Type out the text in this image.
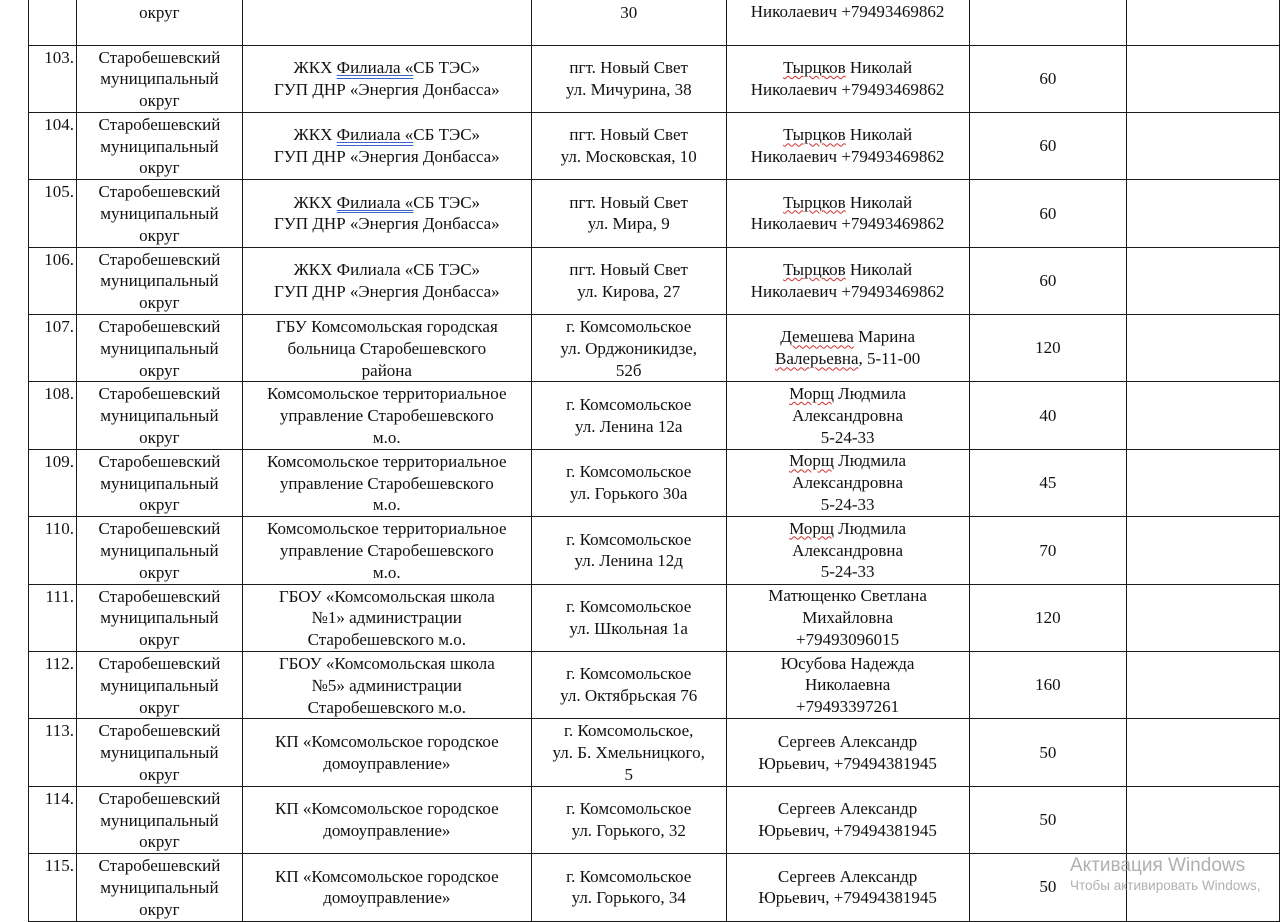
	округ		30	Николаевич +79493469862		

103.	Старобешевский
муниципальный
округ	ЖКХ Филиала «СБ ТЭС»
ГУП ДНР «Энергия Донбасса»	пгт. Новый Свет
ул. Мичурина, 38	Тырцков Николай
Николаевич +79493469862	60	
104.	Старобешевский
муниципальный
округ	ЖКХ Филиала «СБ ТЭС»
ГУП ДНР «Энергия Донбасса»	пгт. Новый Свет
ул. Московская, 10	Тырцков Николай
Николаевич +79493469862	60	
105.	Старобешевский
муниципальный
округ	ЖКХ Филиала «СБ ТЭС»
ГУП ДНР «Энергия Донбасса»	пгт. Новый Свет
ул. Мира, 9	Тырцков Николай
Николаевич +79493469862	60	
106.	Старобешевский
муниципальный
округ	ЖКХ Филиала «СБ ТЭС»
ГУП ДНР «Энергия Донбасса»	пгт. Новый Свет
ул. Кирова, 27	Тырцков Николай
Николаевич +79493469862	60	
107.	Старобешевский
муниципальный
округ	ГБУ Комсомольская городская
больница Старобешевского
района	г. Комсомольское
ул. Орджоникидзе,
52б	Демешева Марина
Валерьевна, 5-11-00	120	
108.	Старобешевский
муниципальный
округ	Комсомольское территориальное
управление Старобешевского
м.о.	г. Комсомольское
ул. Ленина 12а	Морщ Людмила
Александровна
5-24-33	40	
109.	Старобешевский
муниципальный
округ	Комсомольское территориальное
управление Старобешевского
м.о.	г. Комсомольское
ул. Горького 30а	Морщ Людмила
Александровна
5-24-33	45	
110.	Старобешевский
муниципальный
округ	Комсомольское территориальное
управление Старобешевского
м.о.	г. Комсомольское
ул. Ленина 12д	Морщ Людмила
Александровна
5-24-33	70	
111.	Старобешевский
муниципальный
округ	ГБОУ «Комсомольская школа
№1» администрации
Старобешевского м.о.	г. Комсомольское
ул. Школьная 1а	Матющенко Светлана
Михайловна
+79493096015	120	
112.	Старобешевский
муниципальный
округ	ГБОУ «Комсомольская школа
№5» администрации
Старобешевского м.о.	г. Комсомольское
ул. Октябрьская 76	Юсубова Надежда
Николаевна
+79493397261	160	
113.	Старобешевский
муниципальный
округ	КП «Комсомольское городское
домоуправление»	г. Комсомольское,
ул. Б. Хмельницкого,
5	Сергеев Александр
Юрьевич, +79494381945	50	
114.	Старобешевский
муниципальный
округ	КП «Комсомольское городское
домоуправление»	г. Комсомольское
ул. Горького, 32	Сергеев Александр
Юрьевич, +79494381945	50	
115.	Старобешевский
муниципальный
округ	КП «Комсомольское городское
домоуправление»	г. Комсомольское
ул. Горького, 34	Сергеев Александр
Юрьевич, +79494381945	50	
Активация Windows
Чтобы активировать Windows,
